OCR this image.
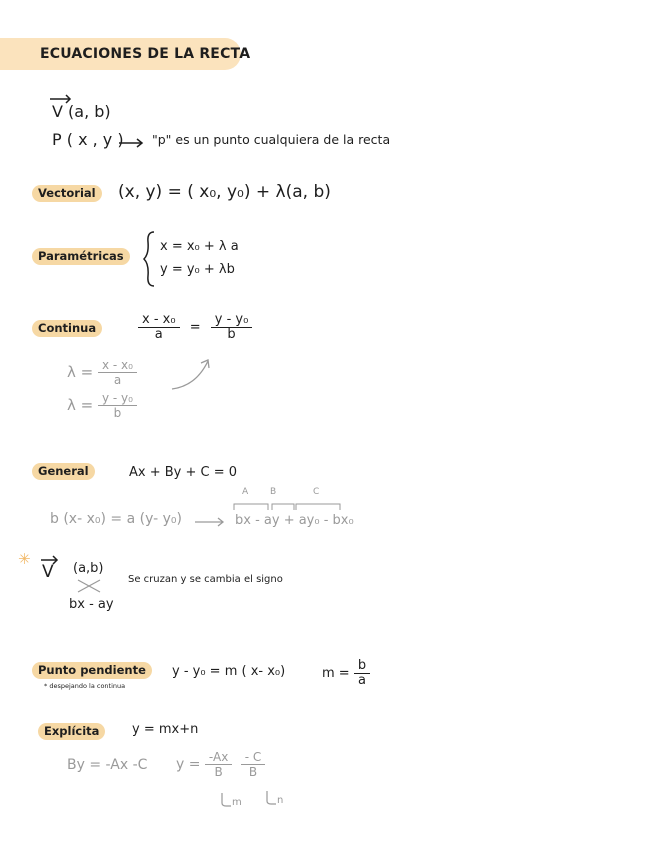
ECUACIONES DE LA RECTA
V (a, b)
P ( x , y ) "p" es un punto cualquiera de la recta
Vectorial	(x, y) = ( x₀, y₀) + λ(a, b)
Paramétricas
x = x₀ + λ a
y = y₀ + λb
Continua	$\frac{\text{x - x₀}}{a} = \frac{\text{y - y₀}}{b}$
$\lambda = \frac{\text{x - x₀}}{a}$
$\lambda = \frac{\text{y - y₀}}{b}$
General	Ax + By + C = 0
b (x- x₀) = a (y- y₀)	bx - ay + ay₀ - bx₀
A B	C
✳
V (a,b)
bx - ay
Se cruzan y se cambia el signo
Punto pendiente
* despejando la continua
y - y₀ = m ( x- x₀)	$m = \frac{b}{a}$
Explícita	y = mx+n
By = -Ax -C $y = \frac{-Ax}{B}$
$\frac{- C}{B}$
m	n
